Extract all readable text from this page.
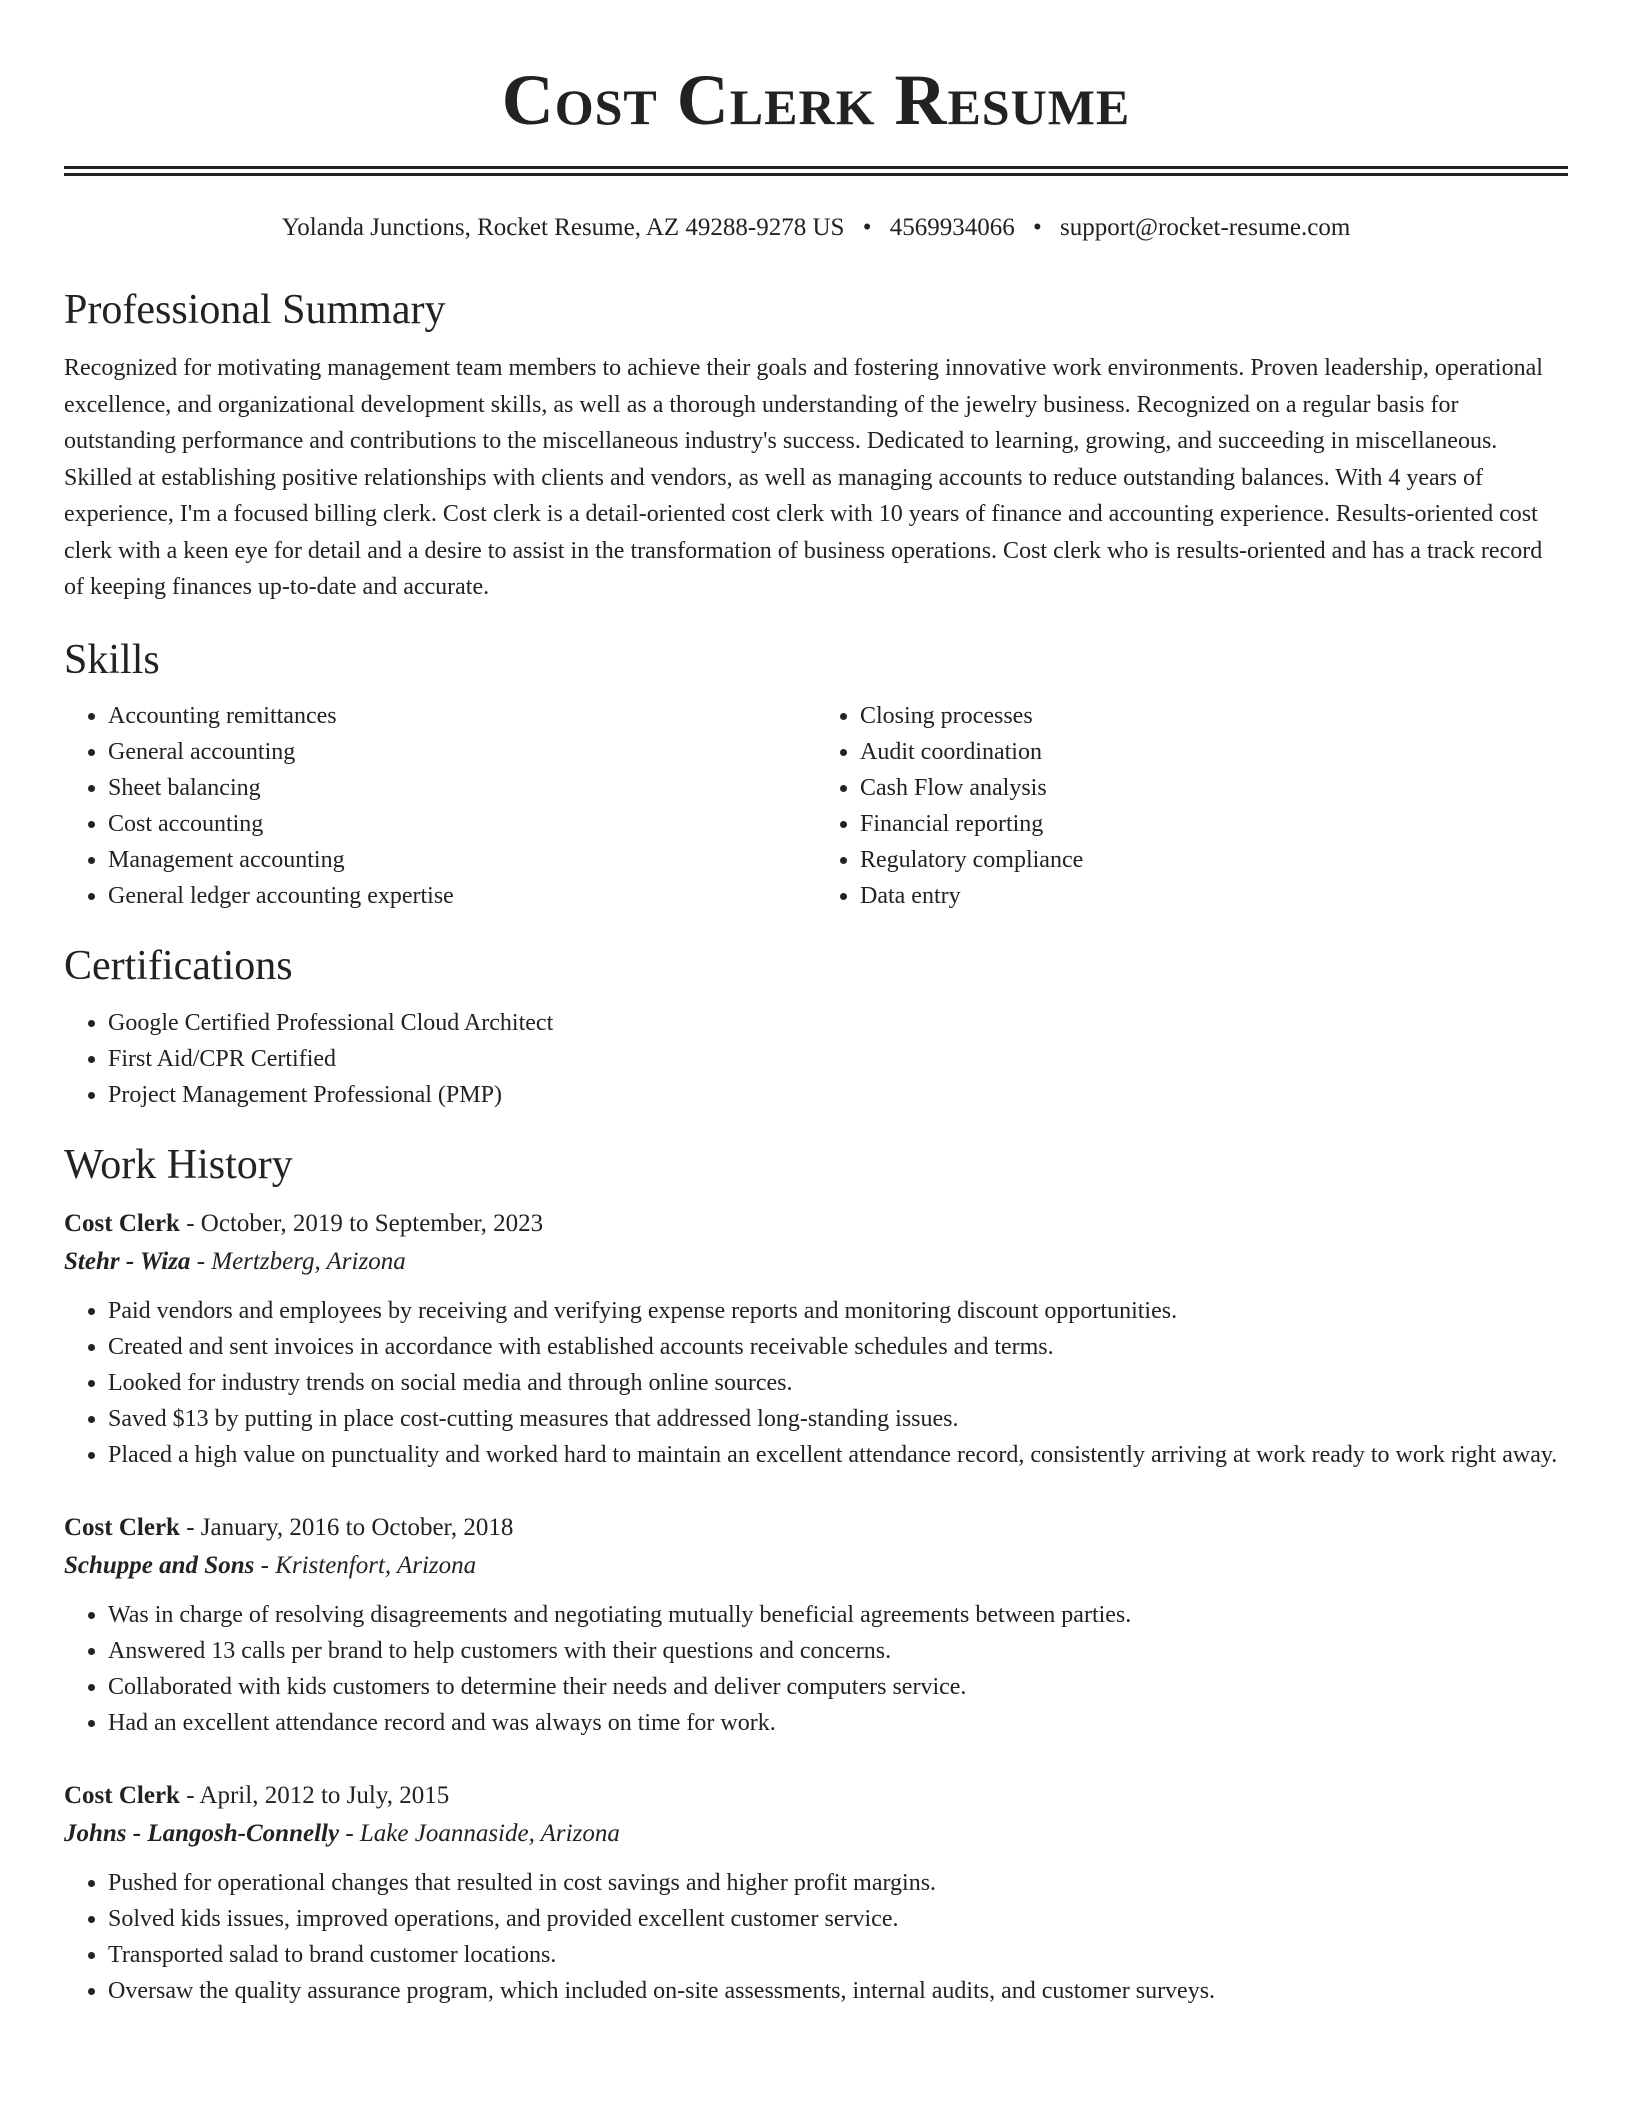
Cost Clerk Resume
Yolanda Junctions, Rocket Resume, AZ 49288-9278 US • 4569934066 • support@rocket-resume.com
Professional Summary
Recognized for motivating management team members to achieve their goals and fostering innovative work environments. Proven leadership, operational excellence, and organizational development skills, as well as a thorough understanding of the jewelry business. Recognized on a regular basis for outstanding performance and contributions to the miscellaneous industry's success. Dedicated to learning, growing, and succeeding in miscellaneous. Skilled at establishing positive relationships with clients and vendors, as well as managing accounts to reduce outstanding balances. With 4 years of experience, I'm a focused billing clerk. Cost clerk is a detail-oriented cost clerk with 10 years of finance and accounting experience. Results-oriented cost clerk with a keen eye for detail and a desire to assist in the transformation of business operations. Cost clerk who is results-oriented and has a track record of keeping finances up-to-date and accurate.
Skills
• Accounting remittances
• General accounting
• Sheet balancing
• Cost accounting
• Management accounting
• General ledger accounting expertise
• Closing processes
• Audit coordination
• Cash Flow analysis
• Financial reporting
• Regulatory compliance
• Data entry
Certifications
• Google Certified Professional Cloud Architect
• First Aid/CPR Certified
• Project Management Professional (PMP)
Work History
Cost Clerk - October, 2019 to September, 2023
Stehr - Wiza - Mertzberg, Arizona
• Paid vendors and employees by receiving and verifying expense reports and monitoring discount opportunities.
• Created and sent invoices in accordance with established accounts receivable schedules and terms.
• Looked for industry trends on social media and through online sources.
• Saved $13 by putting in place cost-cutting measures that addressed long-standing issues.
• Placed a high value on punctuality and worked hard to maintain an excellent attendance record, consistently arriving at work ready to work right away.
Cost Clerk - January, 2016 to October, 2018
Schuppe and Sons - Kristenfort, Arizona
• Was in charge of resolving disagreements and negotiating mutually beneficial agreements between parties.
• Answered 13 calls per brand to help customers with their questions and concerns.
• Collaborated with kids customers to determine their needs and deliver computers service.
• Had an excellent attendance record and was always on time for work.
Cost Clerk - April, 2012 to July, 2015
Johns - Langosh-Connelly - Lake Joannaside, Arizona
• Pushed for operational changes that resulted in cost savings and higher profit margins.
• Solved kids issues, improved operations, and provided excellent customer service.
• Transported salad to brand customer locations.
• Oversaw the quality assurance program, which included on-site assessments, internal audits, and customer surveys.
